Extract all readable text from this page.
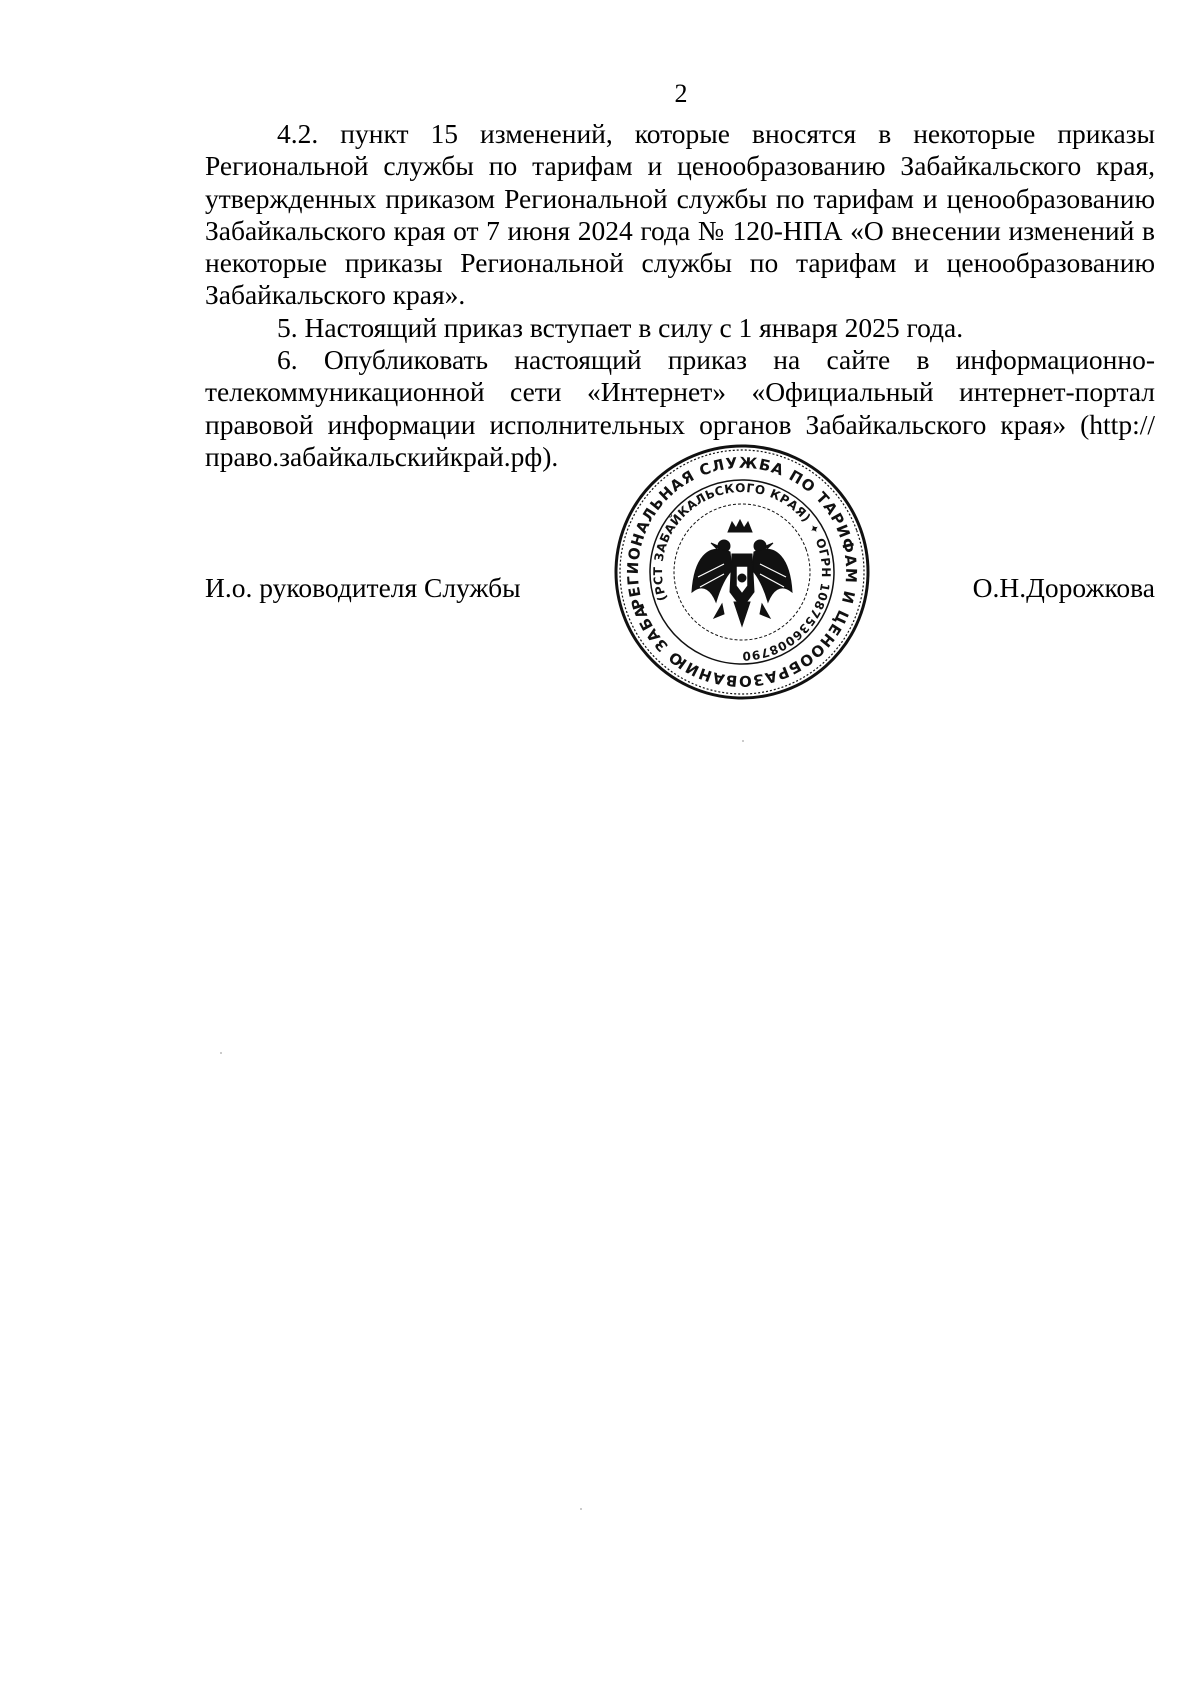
2

4.2. пункт 15 изменений, которые вносятся в некоторые приказы Региональной службы по тарифам и ценообразованию Забайкальского края, утвержденных приказом Региональной службы по тарифам и ценообразованию Забайкальского края от 7 июня 2024 года № 120-НПА «О внесении изменений в некоторые приказы Региональной службы по тарифам и ценообразованию Забайкальского края».

5. Настоящий приказ вступает в силу с 1 января 2025 года.

6. Опубликовать настоящий приказ на сайте в информационно-телекоммуникационной сети «Интернет» «Официальный интернет-портал правовой информации исполнительных органов Забайкальского края» (http://право.забайкальскийкрай.рф).

И.о. руководителя Службы	О.Н.Дорожкова
РЕГИОНАЛЬНАЯ СЛУЖБА ПО ТАРИФАМ И ЦЕНООБРАЗОВАНИЮ ЗАБАЙКАЛЬСКОГО
(РСТ ЗАБАЙКАЛЬСКОГО КРАЯ) ✦ ОГРН 1087536008790
